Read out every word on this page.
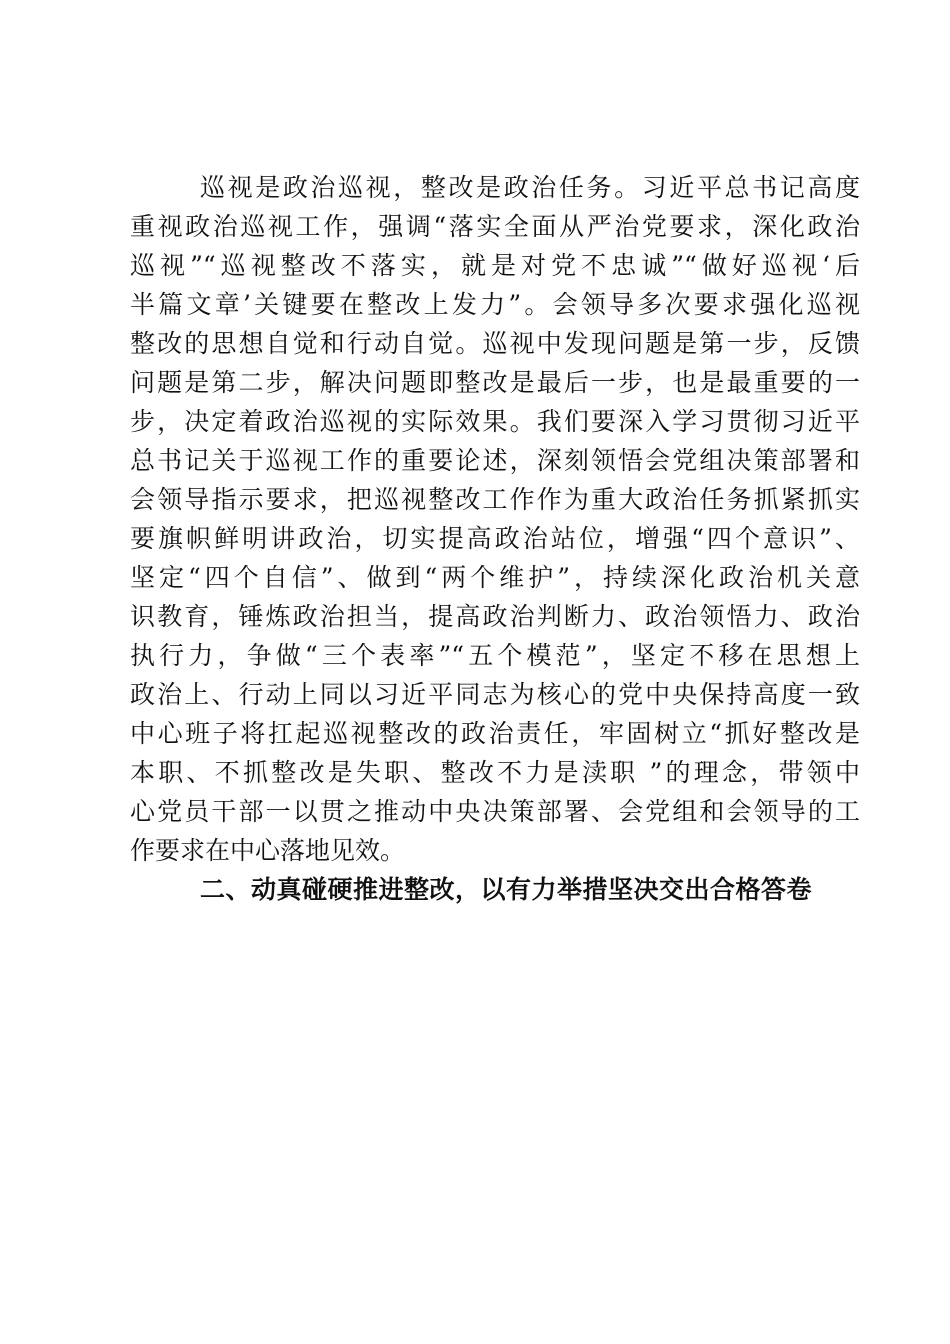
巡视是政治巡视，整改是政治任务。习近平总书记高度
重视政治巡视工作，强调“落实全面从严治党要求，深化政治
巡视”“巡视整改不落实，就是对党不忠诚”“做好巡视‘后
半篇文章’关键要在整改上发力”。会领导多次要求强化巡视
整改的思想自觉和行动自觉。巡视中发现问题是第一步，反馈
问题是第二步，解决问题即整改是最后一步，也是最重要的一
步，决定着政治巡视的实际效果。我们要深入学习贯彻习近平
总书记关于巡视工作的重要论述，深刻领悟会党组决策部署和
会领导指示要求，把巡视整改工作作为重大政治任务抓紧抓实
要旗帜鲜明讲政治，切实提高政治站位，增强“四个意识”、
坚定“四个自信”、做到“两个维护”，持续深化政治机关意
识教育，锤炼政治担当，提高政治判断力、政治领悟力、政治
执行力，争做“三个表率”“五个模范”，坚定不移在思想上
政治上、行动上同以习近平同志为核心的党中央保持高度一致
中心班子将扛起巡视整改的政治责任，牢固树立“抓好整改是
本职、不抓整改是失职、整改不力是渎职 ”的理念，带领中
心党员干部一以贯之推动中央决策部署、会党组和会领导的工
作要求在中心落地见效。
二、动真碰硬推进整改，以有力举措坚决交出合格答卷
